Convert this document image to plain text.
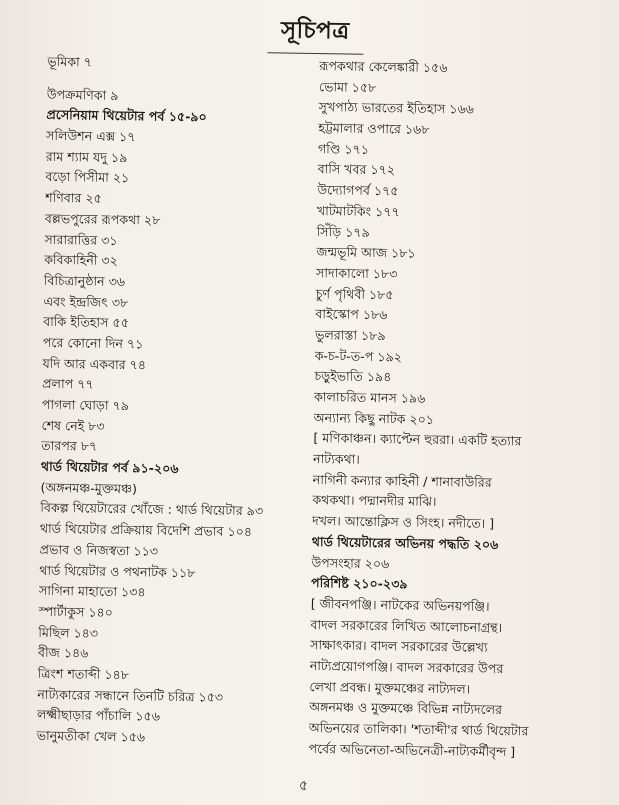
সূচিপত্র
ভূমিকা ৭
উপক্রমণিকা ৯
প্রসেনিয়াম থিয়েটার পর্ব ১৫-৯০
সলিউশন এক্স ১৭
রাম শ্যাম যদু ১৯
বড়ো পিসীমা ২১
শণিবার ২৫
বল্লভপুরের রূপকথা ২৮
সারারাত্তির ৩১
কবিকাহিনী ৩২
বিচিত্রানুষ্ঠান ৩৬
এবং ইন্দ্রজিৎ ৩৮
বাকি ইতিহাস ৫৫
পরে কোনো দিন ৭১
যদি আর একবার ৭৪
প্রলাপ ৭৭
পাগলা ঘোড়া ৭৯
শেষ নেই ৮৩
তারপর ৮৭
থার্ড থিয়েটার পর্ব ৯১-২০৬
(অঙ্গনমঞ্চ-মুক্তমঞ্চ)
বিকল্প থিয়েটারের খোঁজে : থার্ড থিয়েটার ৯৩
থার্ড থিয়েটার প্রক্রিয়ায় বিদেশি প্রভাব ১০৪
প্রভাব ও নিজস্বতা ১১৩
থার্ড থিয়েটার ও পথনাটক ১১৮
সাগিনা মাহাতো ১৩৪
স্পার্টাকুস ১৪০
মিছিল ১৪৩
বীজ ১৪৬
ত্রিংশ শতাব্দী ১৪৮
নাট্যকারের সন্ধানে তিনটি চরিত্র ১৫৩
লক্ষ্মীছাড়ার পাঁচালি ১৫৬
ভানুমতীকা খেল ১৫৬
রূপকথার কেলেঙ্কারী ১৫৬
ভোমা ১৫৮
সুখপাঠ্য ভারতের ইতিহাস ১৬৬
হট্টমালার ওপারে ১৬৮
গণ্ডি ১৭১
বাসি খবর ১৭২
উদ্যোগপর্ব ১৭৫
খাটমাটকিং ১৭৭
সিঁড়ি ১৭৯
জন্মভূমি আজ ১৮১
সাদাকালো ১৮৩
চুর্ণ পৃথিবী ১৮৫
বাইস্কোপ ১৮৬
ভুলরাস্তা ১৮৯
ক-চ-ট-ত-প ১৯২
চড়ুইভাতি ১৯৪
কালাচরিত মানস ১৯৬
অন্যান্য কিছু নাটক ২০১
[ মণিকাঞ্চন। ক্যাপ্টেন হুররা। একটি হত্যার
নাট্যকথা।
নাগিনী কন্যার কাহিনী / শানাবাউরির
কথকথা। পদ্মানদীর মাঝি।
দখল। আন্তোক্লিস ও সিংহ। নদীতে। ]
থার্ড থিয়েটারের অভিনয় পদ্ধতি ২০৬
উপসংহার ২০৬
পরিশিষ্ট ২১০-২৩৯
[ জীবনপঞ্জি। নাটকের অভিনয়পঞ্জি।
বাদল সরকারের লিখিত আলোচনাগ্রন্থ।
সাক্ষাৎকার। বাদল সরকারের উল্লেখ্য
নাট্যপ্রয়োগপঞ্জি। বাদল সরকারের উপর
লেখা প্রবন্ধ। মুক্তমঞ্চের নাট্যদল।
অঙ্গনমঞ্চ ও মুক্তমঞ্চে বিভিন্ন নাট্যদলের
অভিনয়ের তালিকা। 'শতাব্দী'র থার্ড থিয়েটার
পর্বের অভিনেতা-অভিনেত্রী-নাট্যকর্মীবৃন্দ ]
৫
